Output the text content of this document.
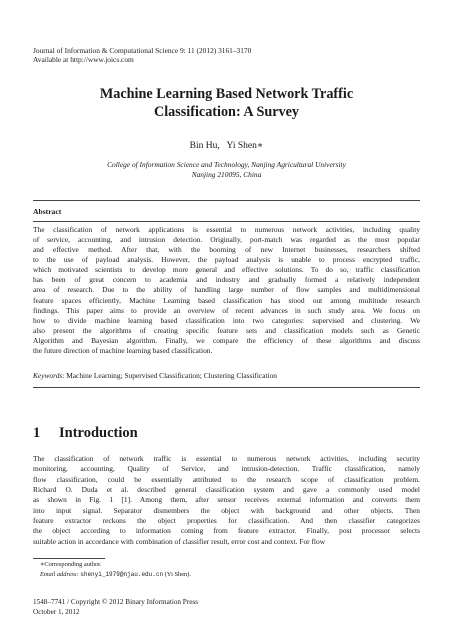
Journal of Information & Computational Science 9: 11 (2012) 3161–3170
Available at http://www.joics.com
Machine Learning Based Network Traffic
Classification: A Survey
Bin Hu,   Yi Shen∗
College of Information Science and Technology, Nanjing Agricultural University
Nanjing 210095, China
Abstract
The classification of network applications is essential to numerous network activities, including quality
of service, accounting, and intrusion detection. Originally, port-match was regarded as the most popular
and effective method. After that, with the booming of new Internet businesses, researchers shifted
to the use of payload analysis. However, the payload analysis is unable to process encrypted traffic,
which motivated scientists to develop more general and effective solutions. To do so, traffic classification
has been of great concern to academia and industry and gradually formed a relatively independent
area of research. Due to the ability of handling large number of flow samples and multidimensional
feature spaces efficiently, Machine Learning based classification has stood out among multitude research
findings. This paper aims to provide an overview of recent advances in such study area. We focus on
how to divide machine learning based classification into two categories: supervised and clustering. We
also present the algorithms of creating specific feature sets and classification models such as Genetic
Algorithm and Bayesian algorithm. Finally, we compare the efficiency of these algorithms and discuss
the future direction of machine learning based classification.
Keywords: Machine Learning; Supervised Classification; Clustering Classification
1 Introduction
The classification of network traffic is essential to numerous network activities, including security
monitoring, accounting, Quality of Service, and intrusion-detection. Traffic classification, namely
flow classification, could be essentially attributed to the research scope of classification problem.
Richard O. Duda et al. described general classification system and gave a commonly used model
as shown in Fig. 1 [1]. Among them, after sensor receives external information and converts them
into input signal. Separator dismembers the object with background and other objects. Then
feature extractor reckons the object properties for classification. And then classifier categorizes
the object according to information coming from feature extractor. Finally, post processor selects
suitable action in accordance with combination of classifier result, error cost and context. For flow
∗Corresponding author.
Email address: shenyi_1979@njau.edu.cn (Yi Shen).
1548–7741 / Copyright © 2012 Binary Information Press
October 1, 2012
